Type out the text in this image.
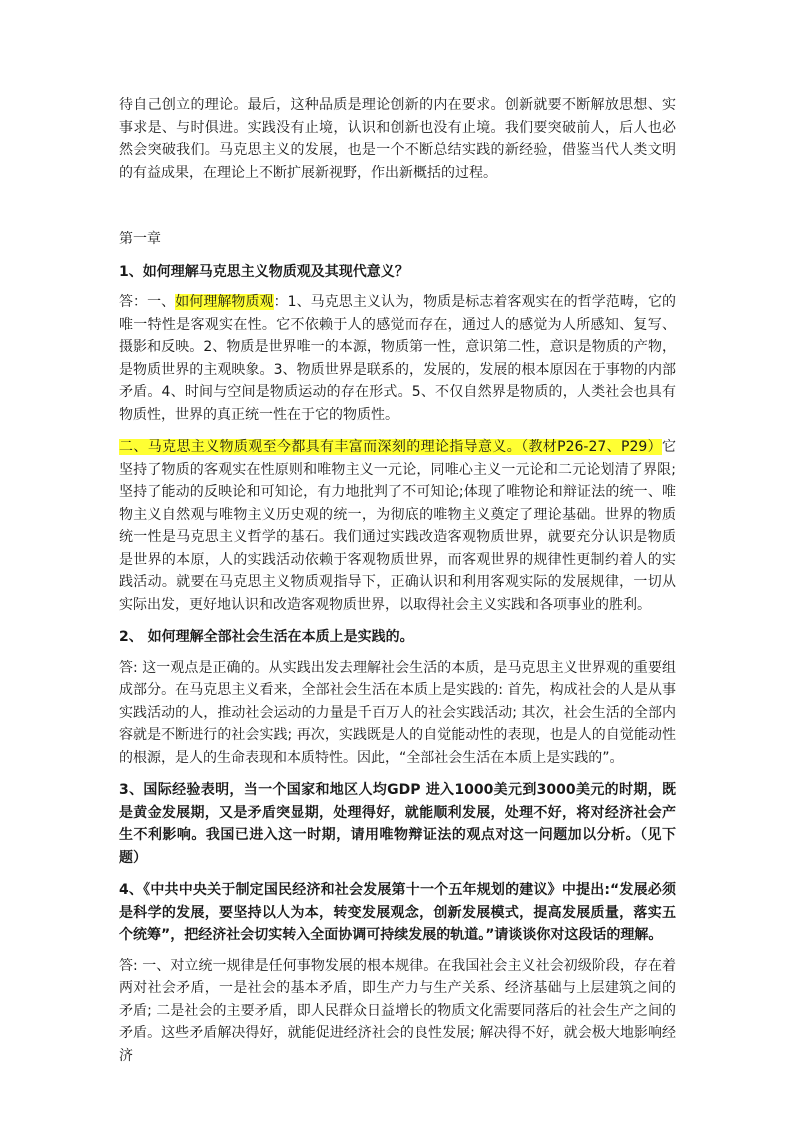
待自己创立的理论。最后，这种品质是理论创新的内在要求。创新就要不断解放思想、实事求是、与时俱进。实践没有止境，认识和创新也没有止境。我们要突破前人，后人也必然会突破我们。马克思主义的发展，也是一个不断总结实践的新经验，借鉴当代人类文明的有益成果，在理论上不断扩展新视野，作出新概括的过程。

第一章

1、如何理解马克思主义物质观及其现代意义？

答：一、如何理解物质观：1、马克思主义认为，物质是标志着客观实在的哲学范畴，它的唯一特性是客观实在性。它不依赖于人的感觉而存在，通过人的感觉为人所感知、复写、摄影和反映。2、物质是世界唯一的本源，物质第一性，意识第二性，意识是物质的产物，是物质世界的主观映象。3、物质世界是联系的，发展的，发展的根本原因在于事物的内部矛盾。4、时间与空间是物质运动的存在形式。5、不仅自然界是物质的，人类社会也具有物质性，世界的真正统一性在于它的物质性。

二、马克思主义物质观至今都具有丰富而深刻的理论指导意义。（教材P26-27、P29）它坚持了物质的客观实在性原则和唯物主义一元论，同唯心主义一元论和二元论划清了界限;坚持了能动的反映论和可知论，有力地批判了不可知论;体现了唯物论和辩证法的统一、唯物主义自然观与唯物主义历史观的统一，为彻底的唯物主义奠定了理论基础。世界的物质统一性是马克思主义哲学的基石。我们通过实践改造客观物质世界，就要充分认识是物质是世界的本原，人的实践活动依赖于客观物质世界，而客观世界的规律性更制约着人的实践活动。就要在马克思主义物质观指导下，正确认识和利用客观实际的发展规律，一切从实际出发，更好地认识和改造客观物质世界，以取得社会主义实践和各项事业的胜利。

2、 如何理解全部社会生活在本质上是实践的。

答: 这一观点是正确的。从实践出发去理解社会生活的本质，是马克思主义世界观的重要组成部分。在马克思主义看来，全部社会生活在本质上是实践的: 首先，构成社会的人是从事实践活动的人，推动社会运动的力量是千百万人的社会实践活动; 其次，社会生活的全部内容就是不断进行的社会实践; 再次，实践既是人的自觉能动性的表现，也是人的自觉能动性的根源，是人的生命表现和本质特性。因此，“全部社会生活在本质上是实践的”。

3、国际经验表明，当一个国家和地区人均GDP 进入1000美元到3000美元的时期，既是黄金发展期，又是矛盾突显期，处理得好，就能顺利发展，处理不好，将对经济社会产生不利影响。我国已进入这一时期，请用唯物辩证法的观点对这一问题加以分析。（见下题）

4、《中共中央关于制定国民经济和社会发展第十一个五年规划的建议》中提出:“发展必须是科学的发展，要坚持以人为本，转变发展观念，创新发展模式，提高发展质量，落实五个统筹”，把经济社会切实转入全面协调可持续发展的轨道。”请谈谈你对这段话的理解。

答: 一、对立统一规律是任何事物发展的根本规律。在我国社会主义社会初级阶段，存在着两对社会矛盾，一是社会的基本矛盾，即生产力与生产关系、经济基础与上层建筑之间的矛盾; 二是社会的主要矛盾，即人民群众日益增长的物质文化需要同落后的社会生产之间的矛盾。这些矛盾解决得好，就能促进经济社会的良性发展; 解决得不好，就会极大地影响经济
